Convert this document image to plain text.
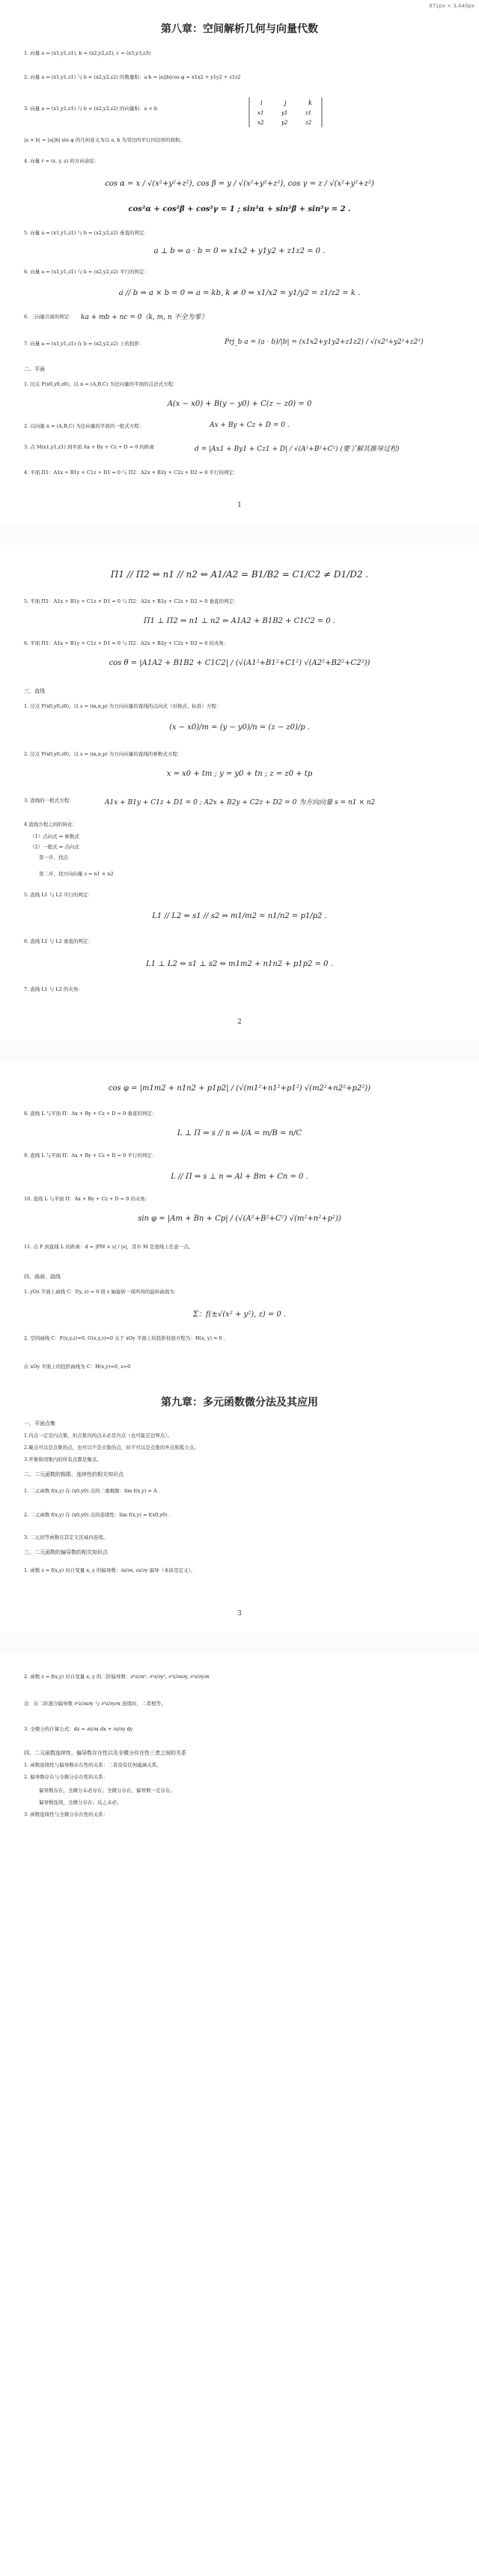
871px × 3,440px
第八章：空间解析几何与向量代数
1. 向量 a = (x1,y1,z1), b = (x2,y2,z2), c = (x3,y3,z3)
2. 向量 a = (x1,y1,z1) 与 b = (x2,y2,z2) 的数量积：a·b = |a||b|cos φ = x1x2 + y1y2 + z1z2
3. 向量 a = (x1,y1,z1) 与 b = (x2,y2,z2) 的向量积：a × b
i	j	k
x1	y1	z1
x2	y2	z2
|a × b| = |a||b| sin φ 的几何意义为以 a, b 为邻边的平行四边形的面积。
4. 向量 r = (x, y, z) 的方向余弦：
cos α = x / √(x²+y²+z²), cos β = y / √(x²+y²+z²), cos γ = z / √(x²+y²+z²)
cos²α + cos²β + cos²γ = 1 ; sin²α + sin²β + sin²γ = 2 .
5. 向量 a = (x1,y1,z1) 与 b = (x2,y2,z2) 垂直的判定：
a ⊥ b ⇔ a · b = 0 ⇔ x1x2 + y1y2 + z1z2 = 0 .
6. 向量 a = (x1,y1,z1) 与 b = (x2,y2,z2) 平行的判定：
a // b ⇔ a × b = 0 ⇔ a = kb, k ≠ 0 ⇔ x1/x2 = y1/y2 = z1/z2 = k .
6. 三向量共面的判定：	ka + mb + nc = 0（k, m, n 不全为零）
7. 向量 a = (x1,y1,z1) 在 b = (x2,y2,z2) 上的投影：	Prj_b a = (a · b)/|b| = (x1x2+y1y2+z1z2) / √(x2²+y2²+z2²)
二、平面
1. 过点 P(x0,y0,z0)，以 n = (A,B,C) 为法向量的平面的点法式方程：
A(x − x0) + B(y − y0) + C(z − z0) = 0
2. 以向量 n = (A,B,C) 为法向量的平面的一般式方程：	Ax + By + Cz + D = 0 .
3. 点 M(x1,y1,z1) 到平面 Ax + By + Cz + D = 0 的距离	d = |Ax1 + By1 + Cz1 + D| / √(A²+B²+C²) (要了解其推导过程)
4. 平面 Π1：A1x + B1y + C1z + D1 = 0 与 Π2：A2x + B2y + C2z + D2 = 0 平行的判定：
1
Π1 // Π2 ⇔ n1 // n2 ⇔ A1/A2 = B1/B2 = C1/C2 ≠ D1/D2 .
5. 平面 Π1：A1x + B1y + C1z + D1 = 0 与 Π2：A2x + B2y + C2z + D2 = 0 垂直的判定：
Π1 ⊥ Π2 ⇔ n1 ⊥ n2 ⇔ A1A2 + B1B2 + C1C2 = 0 .
6. 平面 Π1：A1x + B1y + C1z + D1 = 0 与 Π2：A2x + B2y + C2z + D2 = 0 的夹角：
cos θ = |A1A2 + B1B2 + C1C2| / (√(A1²+B1²+C1²) √(A2²+B2²+C2²))
三、直线
1. 过点 P(x0,y0,z0)，以 s = (m,n,p) 为方向向量的直线的点向式（对称式、标准）方程：
(x − x0)/m = (y − y0)/n = (z − z0)/p .
2. 过点 P(x0,y0,z0)，以 s = (m,n,p) 为方向向量的直线的参数式方程：
x = x0 + tm ; y = y0 + tn ; z = z0 + tp
3. 直线的一般式方程：	A1x + B1y + C1z + D1 = 0 ; A2x + B2y + C2z + D2 = 0 为方向向量 s = n1 × n2
4.直线方程之间的转化：
（1）点向式 ⇒ 参数式
（2）一般式 ⇒ 点向式
第一步，找点
第二步，找方向向量 s = n1 × n2
5. 直线 L1 与 L2 平行的判定：
L1 // L2 ⇔ s1 // s2 ⇔ m1/m2 = n1/n2 = p1/p2 .
6. 直线 L1 与 L2 垂直的判定：
L1 ⊥ L2 ⇔ s1 ⊥ s2 ⇔ m1m2 + n1n2 + p1p2 = 0 .
7. 直线 L1 与 L2 的夹角：
2
cos φ = |m1m2 + n1n2 + p1p2| / (√(m1²+n1²+p1²) √(m2²+n2²+p2²))
8. 直线 L 与平面 Π：Ax + By + Cz + D = 0 垂直的判定：
L ⊥ Π ⇔ s // n ⇔ l/A = m/B = n/C
9. 直线 L 与平面 Π：Ax + By + Cz + D = 0 平行的判定：
L // Π ⇔ s ⊥ n ⇔ Al + Bm + Cn = 0 .
10. 直线 L 与平面 Π：Ax + By + Cz + D = 0 的夹角：
sin φ = |Am + Bn + Cp| / (√(A²+B²+C²) √(m²+n²+p²))
11. 点 P 到直线 L 的距离：d = |PM × s| / |s|，其中 M 是直线上任意一点。
四、曲面、曲线
1. yOz 平面上曲线 C：f(y, z) = 0 绕 z 轴旋转一周所得的旋转曲面为
Σ：f(±√(x² + y²), z) = 0 .
2. 空间曲线 C：F(x,y,z)=0, G(x,y,z)=0 关于 xOy 平面上的投影柱面方程为：H(x, y) = 0 .
在 xOy 平面上的投影曲线为 C：H(x,y)=0, z=0
第九章：多元函数微分法及其应用
一、平面点集
1.内点一定是内点集，但点集内的点未必是内点（也可能是边界点）。
2.聚点可以是点集的点，也可以不是点集的点，但不可以是点集的外点和孤立点。
3.开集和闭集内的所有点都是聚点。
二、二元函数的极限、连续性的相关知识点
1. 二元函数 f(x,y) 在 (x0,y0) 点的二重极限：lim f(x,y) = A .
2. 二元函数 f(x,y) 在 (x0,y0) 点的连续性：lim f(x,y) = f(x0,y0) .
3. 二元初等函数在其定义区域内连续。
三、二元函数的偏导数的相关知识点
1. 函数 z = f(x,y) 对自变量 x, y 的偏导数：∂z/∂x, ∂z/∂y 偏导（本质是定义）。
3
2. 函数 z = f(x,y) 对自变量 x, y 的二阶偏导数：∂²z/∂x², ∂²z/∂y², ∂²z/∂x∂y, ∂²z/∂y∂x
注：在二阶混合偏导数 ∂²z/∂x∂y 与 ∂²z/∂y∂x 连续时，二者相等。
3. 全微分的计算公式：dz = ∂z/∂x dx + ∂z/∂y dy
四、二元函数连续性、偏导数存在性以及全微分存在性三者之间的关系
1. 函数连续性与偏导数存在性的关系：二者没有任何蕴涵关系。
2. 偏导数存在与全微分存在性的关系：
偏导数存在，全微分未必存在；全微分存在，偏导数一定存在。
偏导数连续，全微分存在；反之未必。
3. 函数连续性与全微分存在性的关系：
